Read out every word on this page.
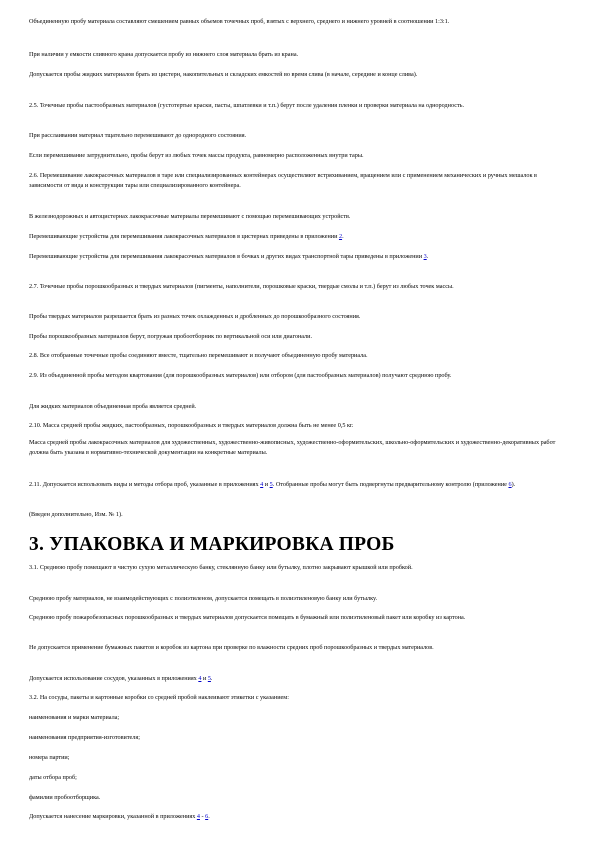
Объединенную пробу материала составляют смешением равных объемов точечных проб, взятых с верхнего, среднего и нижнего уровней в соотношении 1:3:1.

При наличии у емкости сливного крана допускается пробу из нижнего слоя материала брать из крана.

Допускается пробы жидких материалов брать из цистерн, накопительных и складских емкостей во время слива (в начале, середине и конце слива).

2.5. Точечные пробы пастообразных материалов (густотертые краски, пасты, шпатлевки и т.п.) берут после удаления пленки и проверки материала на однородность.

При расслаивании материал тщательно перемешивают до однородного состояния.

Если перемешивание затруднительно, пробы берут из любых точек массы продукта, равномерно расположенных внутри тары.

2.6. Перемешивание лакокрасочных материалов в таре или специализированных контейнерах осуществляют встряхиванием, вращением или с применением механических и ручных мешалок в зависимости от вида и конструкции тары или специализированного контейнера.

В железнодорожных и автоцистернах лакокрасочные материалы перемешивают с помощью перемешивающих устройств.

Перемешивающие устройства для перемешивания лакокрасочных материалов в цистернах приведены в приложении 2.

Перемешивающие устройства для перемешивания лакокрасочных материалов в бочках и других видах транспортной тары приведены в приложении 3.

2.7. Точечные пробы порошкообразных и твердых материалов (пигменты, наполнители, порошковые краски, твердые смолы и т.п.) берут из любых точек массы.

Пробы твердых материалов разрешается брать из разных точек охлажденных и дробленных до порошкообразного состояния.

Пробы порошкообразных материалов берут, погружая пробоотборник по вертикальной оси или диагонали.

2.8. Все отобранные точечные пробы соединяют вместе, тщательно перемешивают и получают объединенную пробу материала.

2.9. Из объединенной пробы методом квартования (для порошкообразных материалов) или отбором (для пастообразных материалов) получают среднюю пробу.

Для жидких материалов объединенная проба является средней.

2.10. Масса средней пробы жидких, пастообразных, порошкообразных и твердых материалов должна быть не менее 0,5 кг.

Масса средней пробы лакокрасочных материалов для художественных, художественно-живописных, художественно-оформительских, школьно-оформительских и художественно-декоративных работ должна быть указана в нормативно-технической документации на конкретные материалы.

2.11. Допускается использовать виды и методы отбора проб, указанные в приложениях 4 и 5. Отобранные пробы могут быть подвергнуты предварительному контролю (приложение 6).

(Введен дополнительно, Изм. № 1).

3. УПАКОВКА И МАРКИРОВКА ПРОБ

3.1. Среднюю пробу помещают в чистую сухую металлическую банку, стеклянную банку или бутылку, плотно закрывают крышкой или пробкой.

Среднюю пробу материалов, не взаимодействующих с полиэтиленом, допускается помещать в полиэтиленовую банку или бутылку.

Среднюю пробу пожаробезопасных порошкообразных и твердых материалов допускается помещать в бумажный или полиэтиленовый пакет или коробку из картона.

Не допускается применение бумажных пакетов и коробок из картона при проверке по влажности средних проб порошкообразных и твердых материалов.

Допускается использование сосудов, указанных в приложениях 4 и 5.

3.2. На сосуды, пакеты и картонные коробки со средней пробой наклеивают этикетки с указанием:

наименования и марки материала;

наименования предприятия-изготовителя;

номера партии;

даты отбора проб;

фамилии пробоотборщика.

Допускается нанесение маркировки, указанной в приложениях 4 - 6.
